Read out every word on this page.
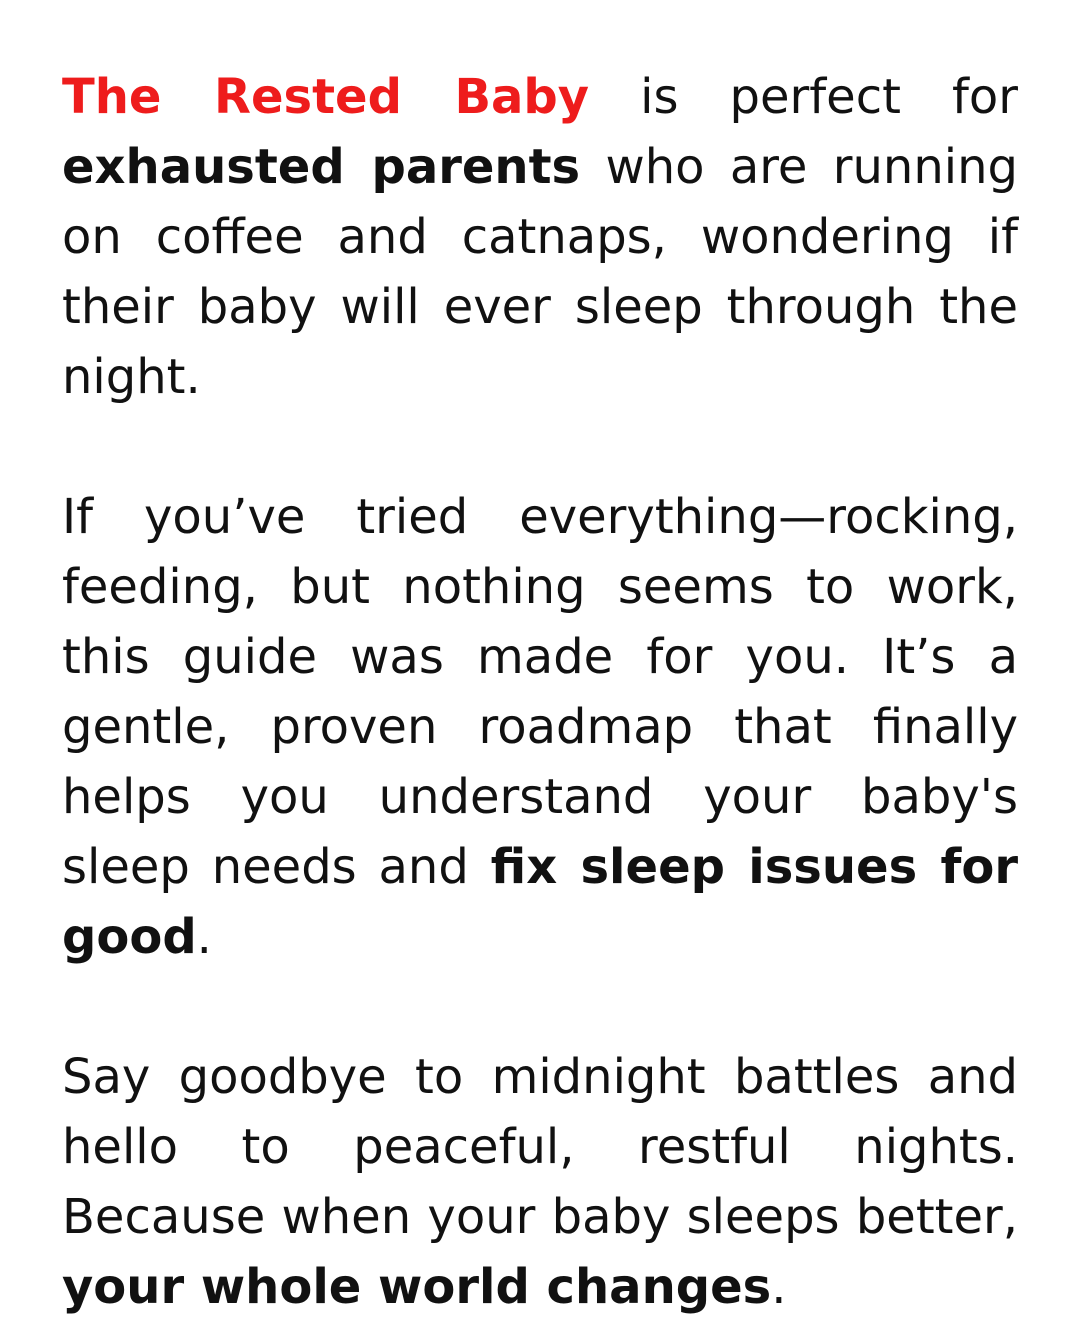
The Rested Baby is perfect for exhausted parents who are running on coffee and catnaps, wondering if their baby will ever sleep through the night.

If you’ve tried everything—rocking, feeding, but nothing seems to work, this guide was made for you. It’s a gentle, proven roadmap that finally helps you understand your baby's sleep needs and fix sleep issues for good.

Say goodbye to midnight battles and hello to peaceful, restful nights. Because when your baby sleeps better, your whole world changes.
